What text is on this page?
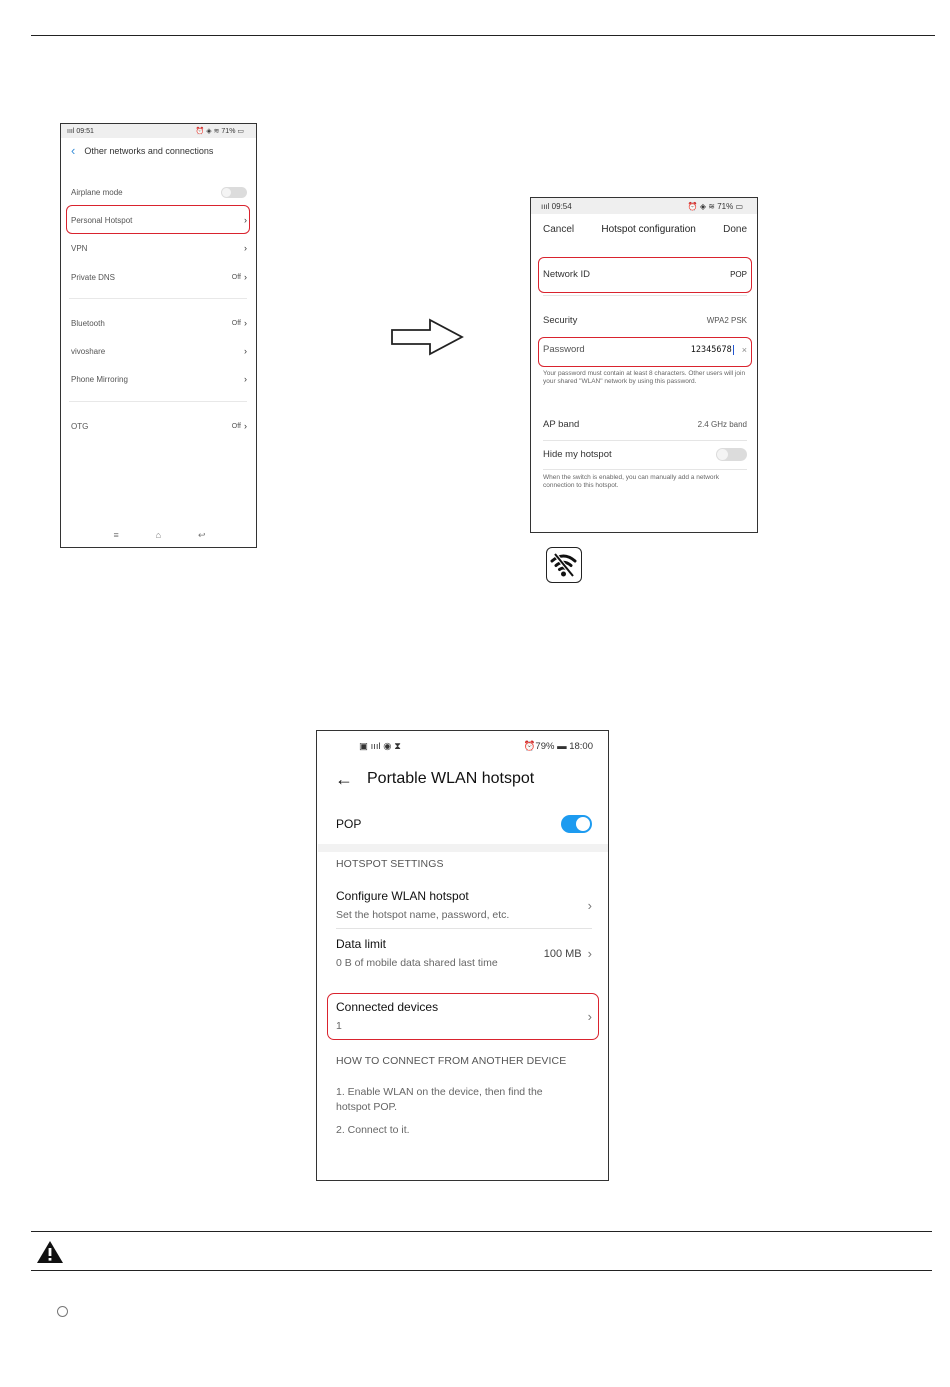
ıııl 09:51	⏰ ◈ ≋ 71% ▭
‹ Other networks and connections
Airplane mode
Personal Hotspot	›
VPN	›
Private DNS	Off ›
Bluetooth	Off ›
vivoshare	›
Phone Mirroring	›
OTG	Off ›
≡	⌂	↩
ıııl 09:54	⏰ ◈ ≋ 71% ▭
Cancel	Hotspot configuration	Done
Network ID	POP
Security	WPA2 PSK
Password	12345678 ×
Your password must contain at least 8 characters. Other users will join your shared "WLAN" network by using this password.
AP band	2.4 GHz band
Hide my hotspot
When the switch is enabled, you can manually add a network connection to this hotspot.
▣ ıııl ◉ ⧗	⏰79% ▬ 18:00
← Portable WLAN hotspot
POP
HOTSPOT SETTINGS
Configure WLAN hotspot
Set the hotspot name, password, etc.
›
Data limit
0 B of mobile data shared last time
100 MB ›
Connected devices
1
›
HOW TO CONNECT FROM ANOTHER DEVICE
1. Enable WLAN on the device, then find the hotspot POP.
2. Connect to it.
